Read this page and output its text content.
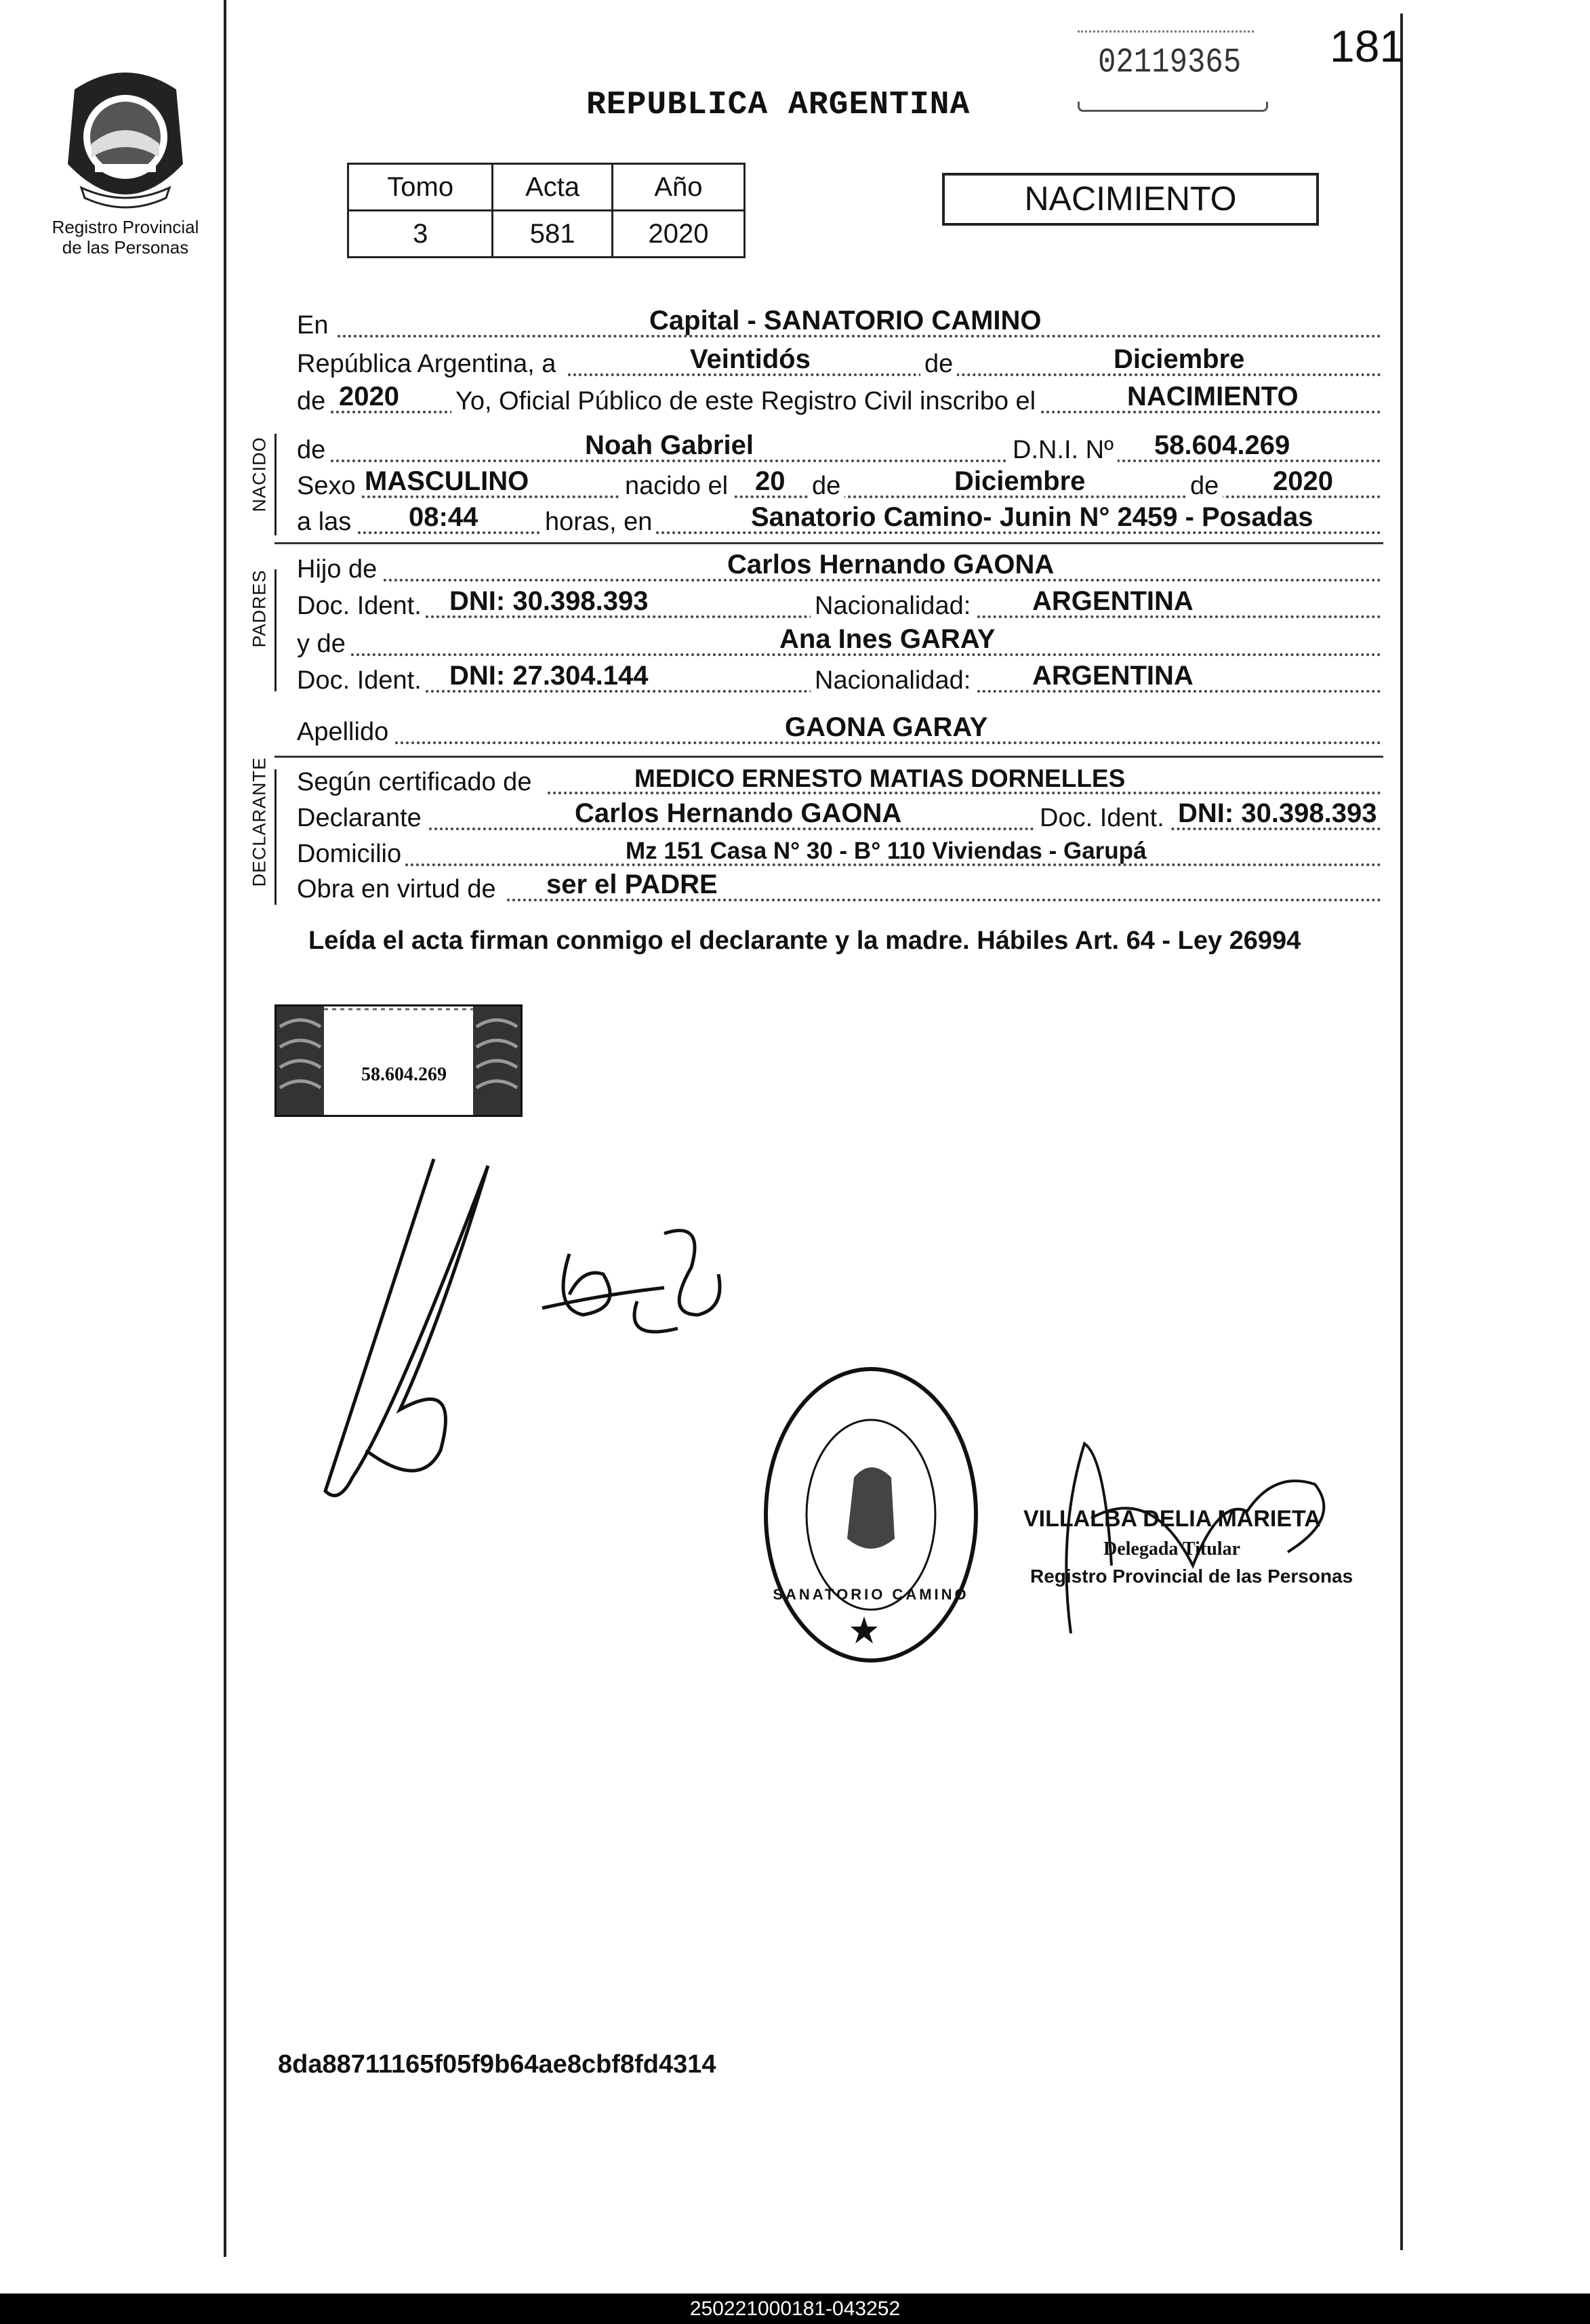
Registro Provincial
de las Personas
02119365 181
REPUBLICA ARGENTINA
Tomo	Acta	Año
3	581	2020
NACIMIENTO
En	Capital - SANATORIO CAMINO
República Argentina, a	Veintidós	de	Diciembre
de 2020 Yo, Oficial Público de este Registro Civil inscribo el	NACIMIENTO
NACIDO de	Noah Gabriel	D.N.I. Nº 58.604.269
Sexo MASCULINO	nacido el 20 de	Diciembre	de 2020
a las 08:44	horas, en	Sanatorio Camino- Junin N° 2459 - Posadas
PADRES
Hijo de	Carlos Hernando GAONA
Doc. Ident. DNI: 30.398.393	Nacionalidad: ARGENTINA
y de	Ana Ines GARAY
Doc. Ident. DNI: 27.304.144	Nacionalidad: ARGENTINA
Apellido	GAONA GARAY
DECLARANTE Según certificado de	MEDICO ERNESTO MATIAS DORNELLES
Declarante	Carlos Hernando GAONA	Doc. Ident. DNI: 30.398.393
Domicilio	Mz 151 Casa N° 30 - B° 110 Viviendas - Garupá
Obra en virtud de ser el PADRE
Leída el acta firman conmigo el declarante y la madre. Hábiles Art. 64 - Ley 26994
58.604.269
SANATORIO CAMINO
VILLALBA DELIA MARIETA
Delegada Titular
Registro Provincial de las Personas
8da88711165f05f9b64ae8cbf8fd4314
250221000181-043252
